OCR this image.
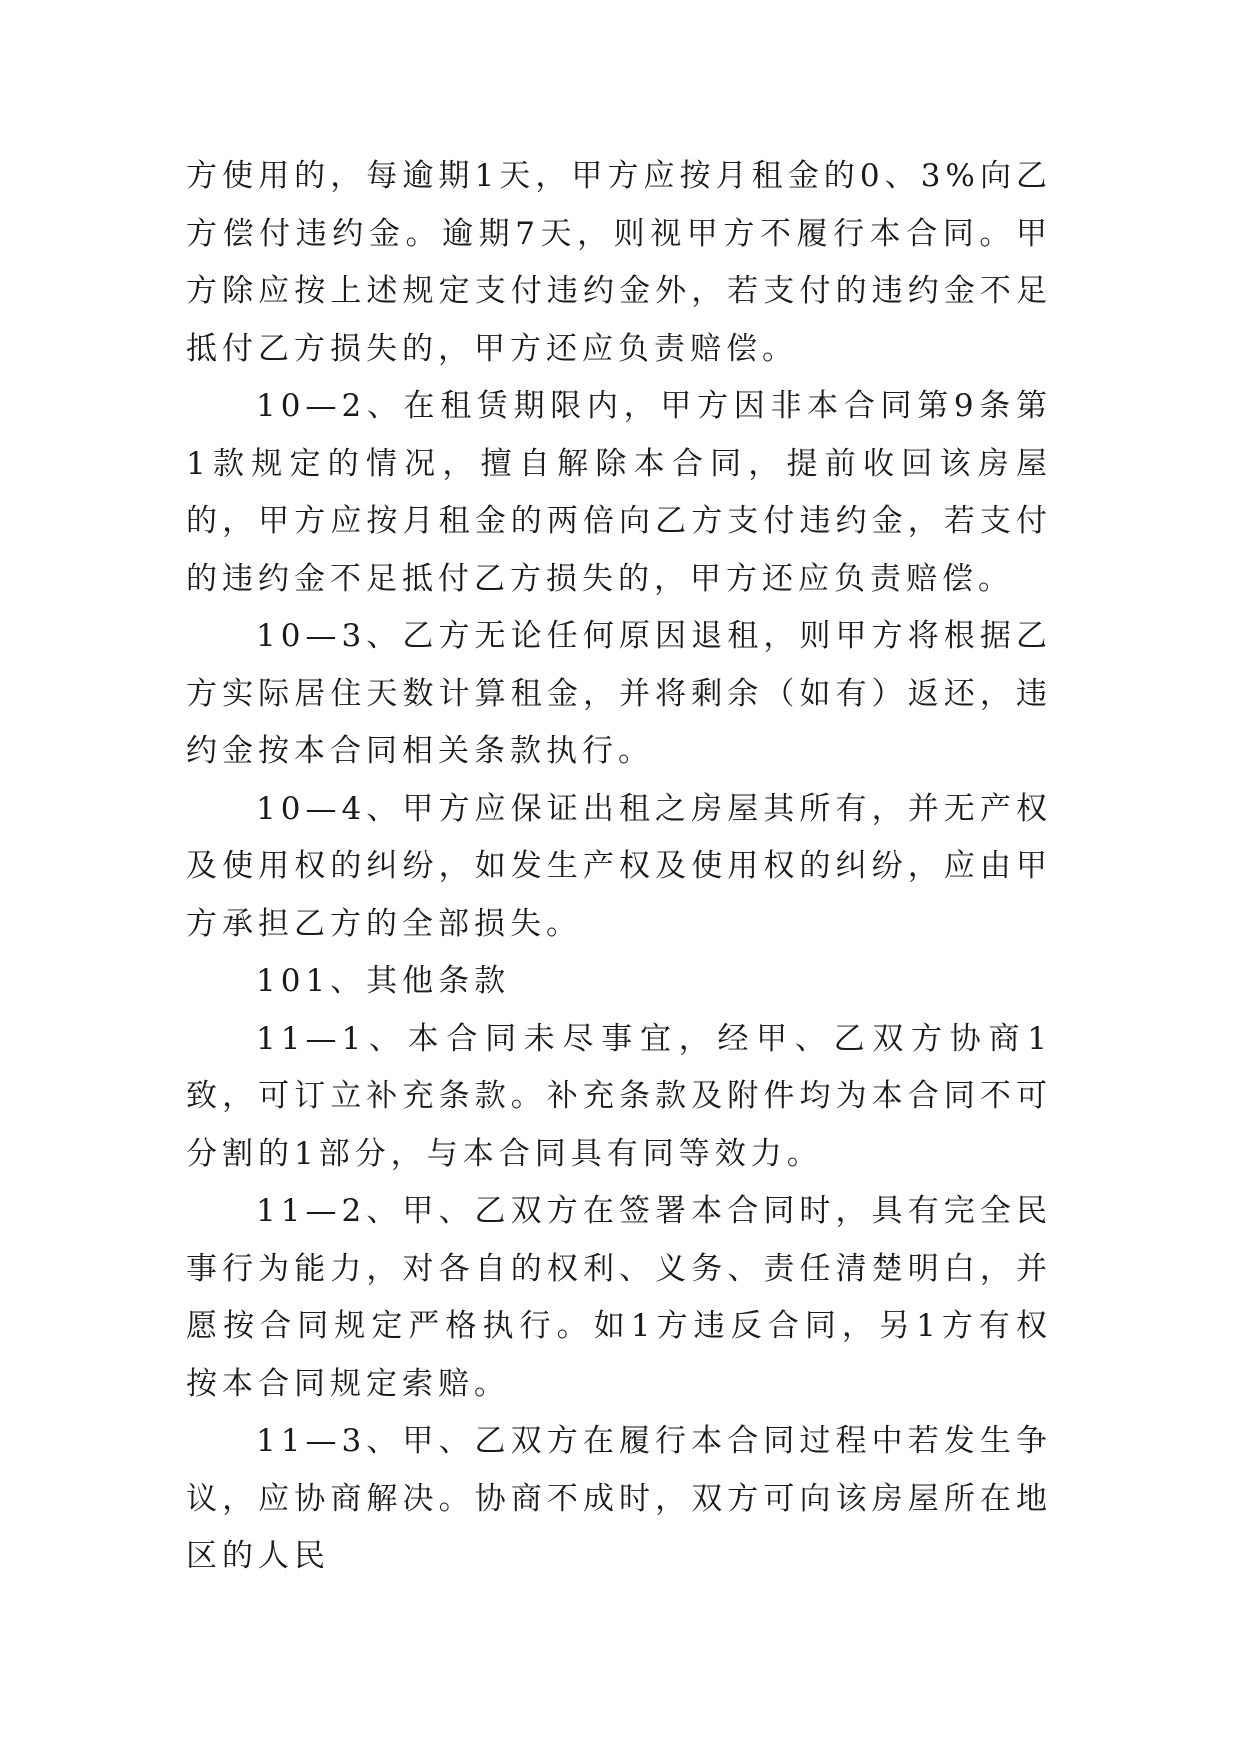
方使用的，每逾期1天，甲方应按月租金的0、3%向乙方偿付违约金。逾期7天，则视甲方不履行本合同。甲方除应按上述规定支付违约金外，若支付的违约金不足抵付乙方损失的，甲方还应负责赔偿。

10—2、在租赁期限内，甲方因非本合同第9条第1款规定的情况，擅自解除本合同，提前收回该房屋的，甲方应按月租金的两倍向乙方支付违约金，若支付的违约金不足抵付乙方损失的，甲方还应负责赔偿。

10—3、乙方无论任何原因退租，则甲方将根据乙方实际居住天数计算租金，并将剩余（如有）返还，违约金按本合同相关条款执行。

10—4、甲方应保证出租之房屋其所有，并无产权及使用权的纠纷，如发生产权及使用权的纠纷，应由甲方承担乙方的全部损失。

101、其他条款

11—1、本合同未尽事宜，经甲、乙双方协商1致，可订立补充条款。补充条款及附件均为本合同不可分割的1部分，与本合同具有同等效力。

11—2、甲、乙双方在签署本合同时，具有完全民事行为能力，对各自的权利、义务、责任清楚明白，并愿按合同规定严格执行。如1方违反合同，另1方有权按本合同规定索赔。

11—3、甲、乙双方在履行本合同过程中若发生争议，应协商解决。协商不成时，双方可向该房屋所在地区的人民
